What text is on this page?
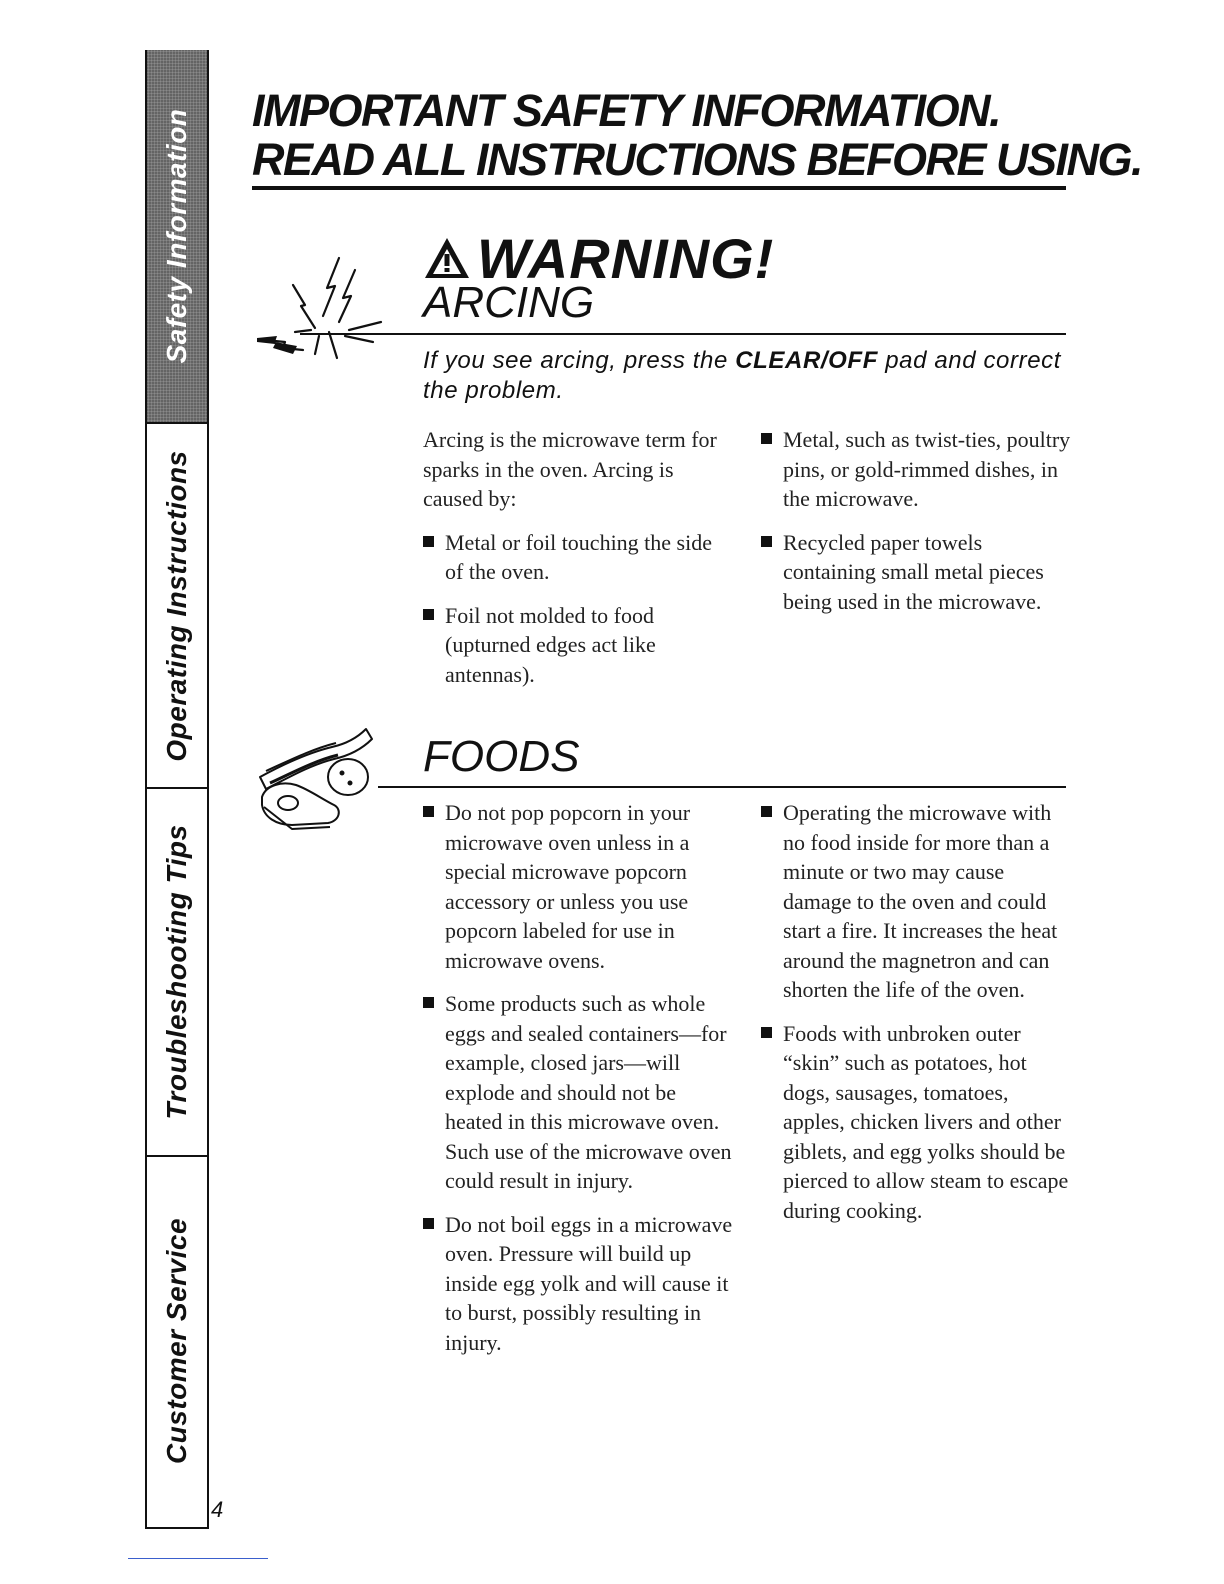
Safety Information
Operating Instructions
Troubleshooting Tips
Customer Service
4
IMPORTANT SAFETY INFORMATION.
READ ALL INSTRUCTIONS BEFORE USING.
WARNING!
ARCING
If you see arcing, press the CLEAR/OFF pad and correct the problem.

Arcing is the microwave term for sparks in the oven. Arcing is caused by:

Metal or foil touching the side of the oven.
Foil not molded to food (upturned edges act like antennas).
Metal, such as twist-ties, poultry pins, or gold-rimmed dishes, in the microwave.
Recycled paper towels containing small metal pieces being used in the microwave.
FOODS
Do not pop popcorn in your microwave oven unless in a special microwave popcorn accessory or unless you use popcorn labeled for use in microwave ovens.
Some products such as whole eggs and sealed containers—for example, closed jars—will explode and should not be heated in this microwave oven. Such use of the microwave oven could result in injury.
Do not boil eggs in a microwave oven. Pressure will build up inside egg yolk and will cause it to burst, possibly resulting in injury.
Operating the microwave with no food inside for more than a minute or two may cause damage to the oven and could start a fire. It increases the heat around the magnetron and can shorten the life of the oven.
Foods with unbroken outer “skin” such as potatoes, hot dogs, sausages, tomatoes, apples, chicken livers and other giblets, and egg yolks should be pierced to allow steam to escape during cooking.
